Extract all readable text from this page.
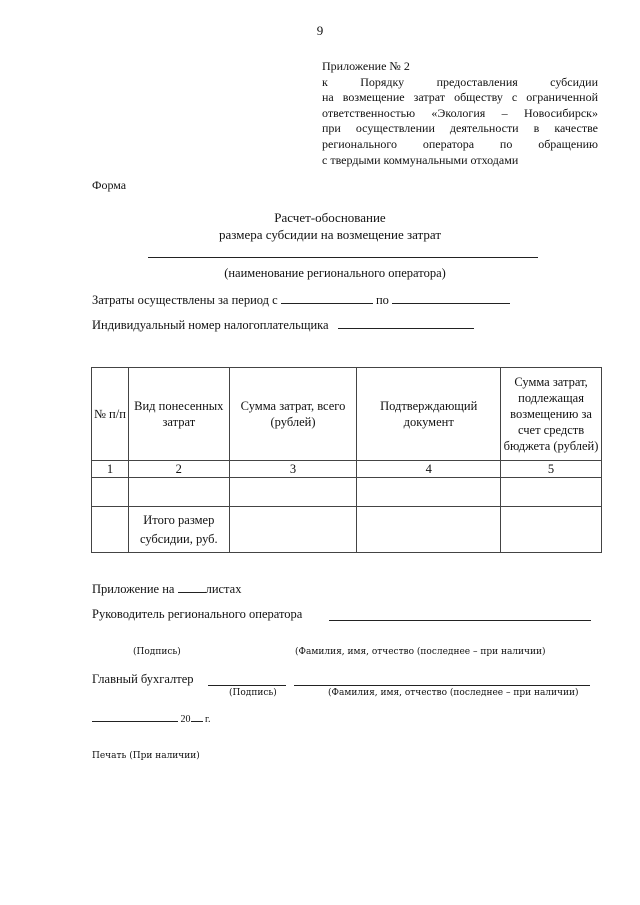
9
Приложение № 2
к Порядку предоставления субсидии
на возмещение затрат обществу с ограниченной
ответственностью «Экология – Новосибирск»
при осуществлении деятельности в качестве
регионального оператора по обращению
с твердыми коммунальными отходами
Форма
Расчет-обоснование
размера субсидии на возмещение затрат
(наименование регионального оператора)
Затраты осуществлены за период с	по
Индивидуальный номер налогоплательщика
№ п/п	Вид понесенных затрат	Сумма затрат, всего (рублей)	Подтверждающий документ	Сумма затрат, подлежащая возмещению за счет средств бюджета (рублей)
1	2	3	4	5

	Итого размер субсидии, руб.			
Приложение на листах
Руководитель регионального оператора
(Подпись)	(Фамилия, имя, отчество (последнее – при наличии)
Главный бухгалтер
(Подпись)	(Фамилия, имя, отчество (последнее – при наличии)
20 г.
Печать (При наличии)
